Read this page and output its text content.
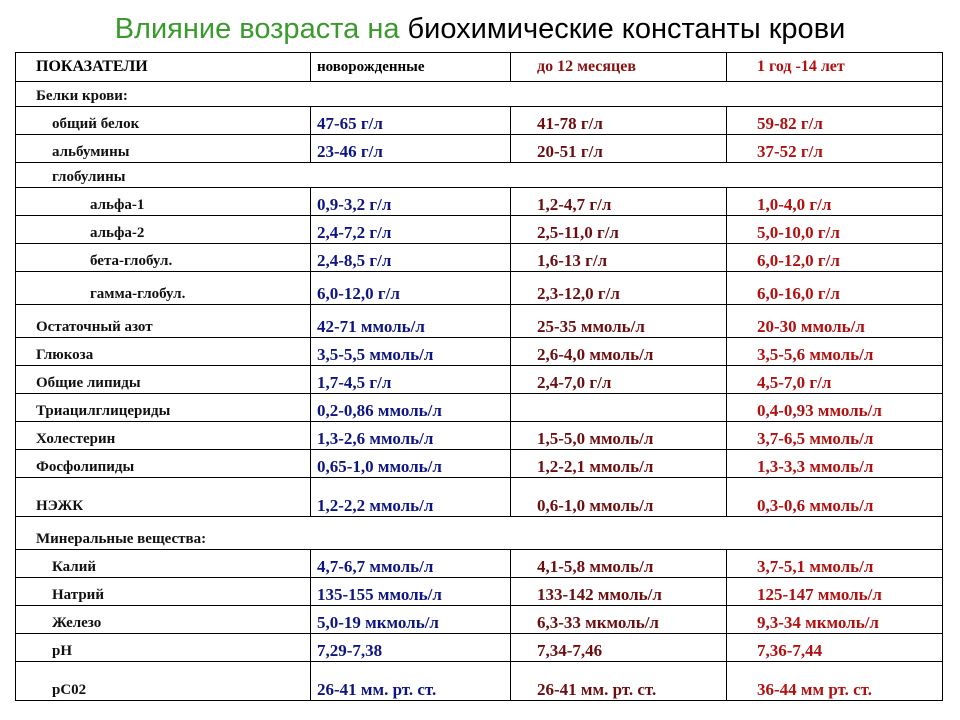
Влияние возраста на биохимические константы крови
ПОКАЗАТЕЛИ	новорожденные	до 12 месяцев	1 год -14 лет
Белки крови:			
общий белок	47-65 г/л	41-78 г/л	59-82 г/л
альбумины	23-46 г/л	20-51 г/л	37-52 г/л
глобулины			
альфа-1	0,9-3,2 г/л	1,2-4,7 г/л	1,0-4,0 г/л
альфа-2	2,4-7,2 г/л	2,5-11,0 г/л	5,0-10,0 г/л
бета-глобул.	2,4-8,5 г/л	1,6-13 г/л	6,0-12,0 г/л
гамма-глобул.	6,0-12,0 г/л	2,3-12,0 г/л	6,0-16,0 г/л
Остаточный азот	42-71 ммоль/л	25-35 ммоль/л	20-30 ммоль/л
Глюкоза	3,5-5,5 ммоль/л	2,6-4,0 ммоль/л	3,5-5,6 ммоль/л
Общие липиды	1,7-4,5 г/л	2,4-7,0 г/л	4,5-7,0 г/л
Триацилглицериды	0,2-0,86 ммоль/л		0,4-0,93 ммоль/л
Холестерин	1,3-2,6 ммоль/л	1,5-5,0 ммоль/л	3,7-6,5 ммоль/л
Фосфолипиды	0,65-1,0 ммоль/л	1,2-2,1 ммоль/л	1,3-3,3 ммоль/л
НЭЖК	1,2-2,2 ммоль/л	0,6-1,0 ммоль/л	0,3-0,6 ммоль/л
Минеральные вещества:			
Калий	4,7-6,7 ммоль/л	4,1-5,8 ммоль/л	3,7-5,1 ммоль/л
Натрий	135-155 ммоль/л	133-142 ммоль/л	125-147 ммоль/л
Железо	5,0-19 мкмоль/л	6,3-33 мкмоль/л	9,3-34 мкмоль/л
pH	7,29-7,38	7,34-7,46	7,36-7,44
pC02	26-41 мм. рт. ст.	26-41 мм. рт. ст.	36-44 мм рт. ст.
